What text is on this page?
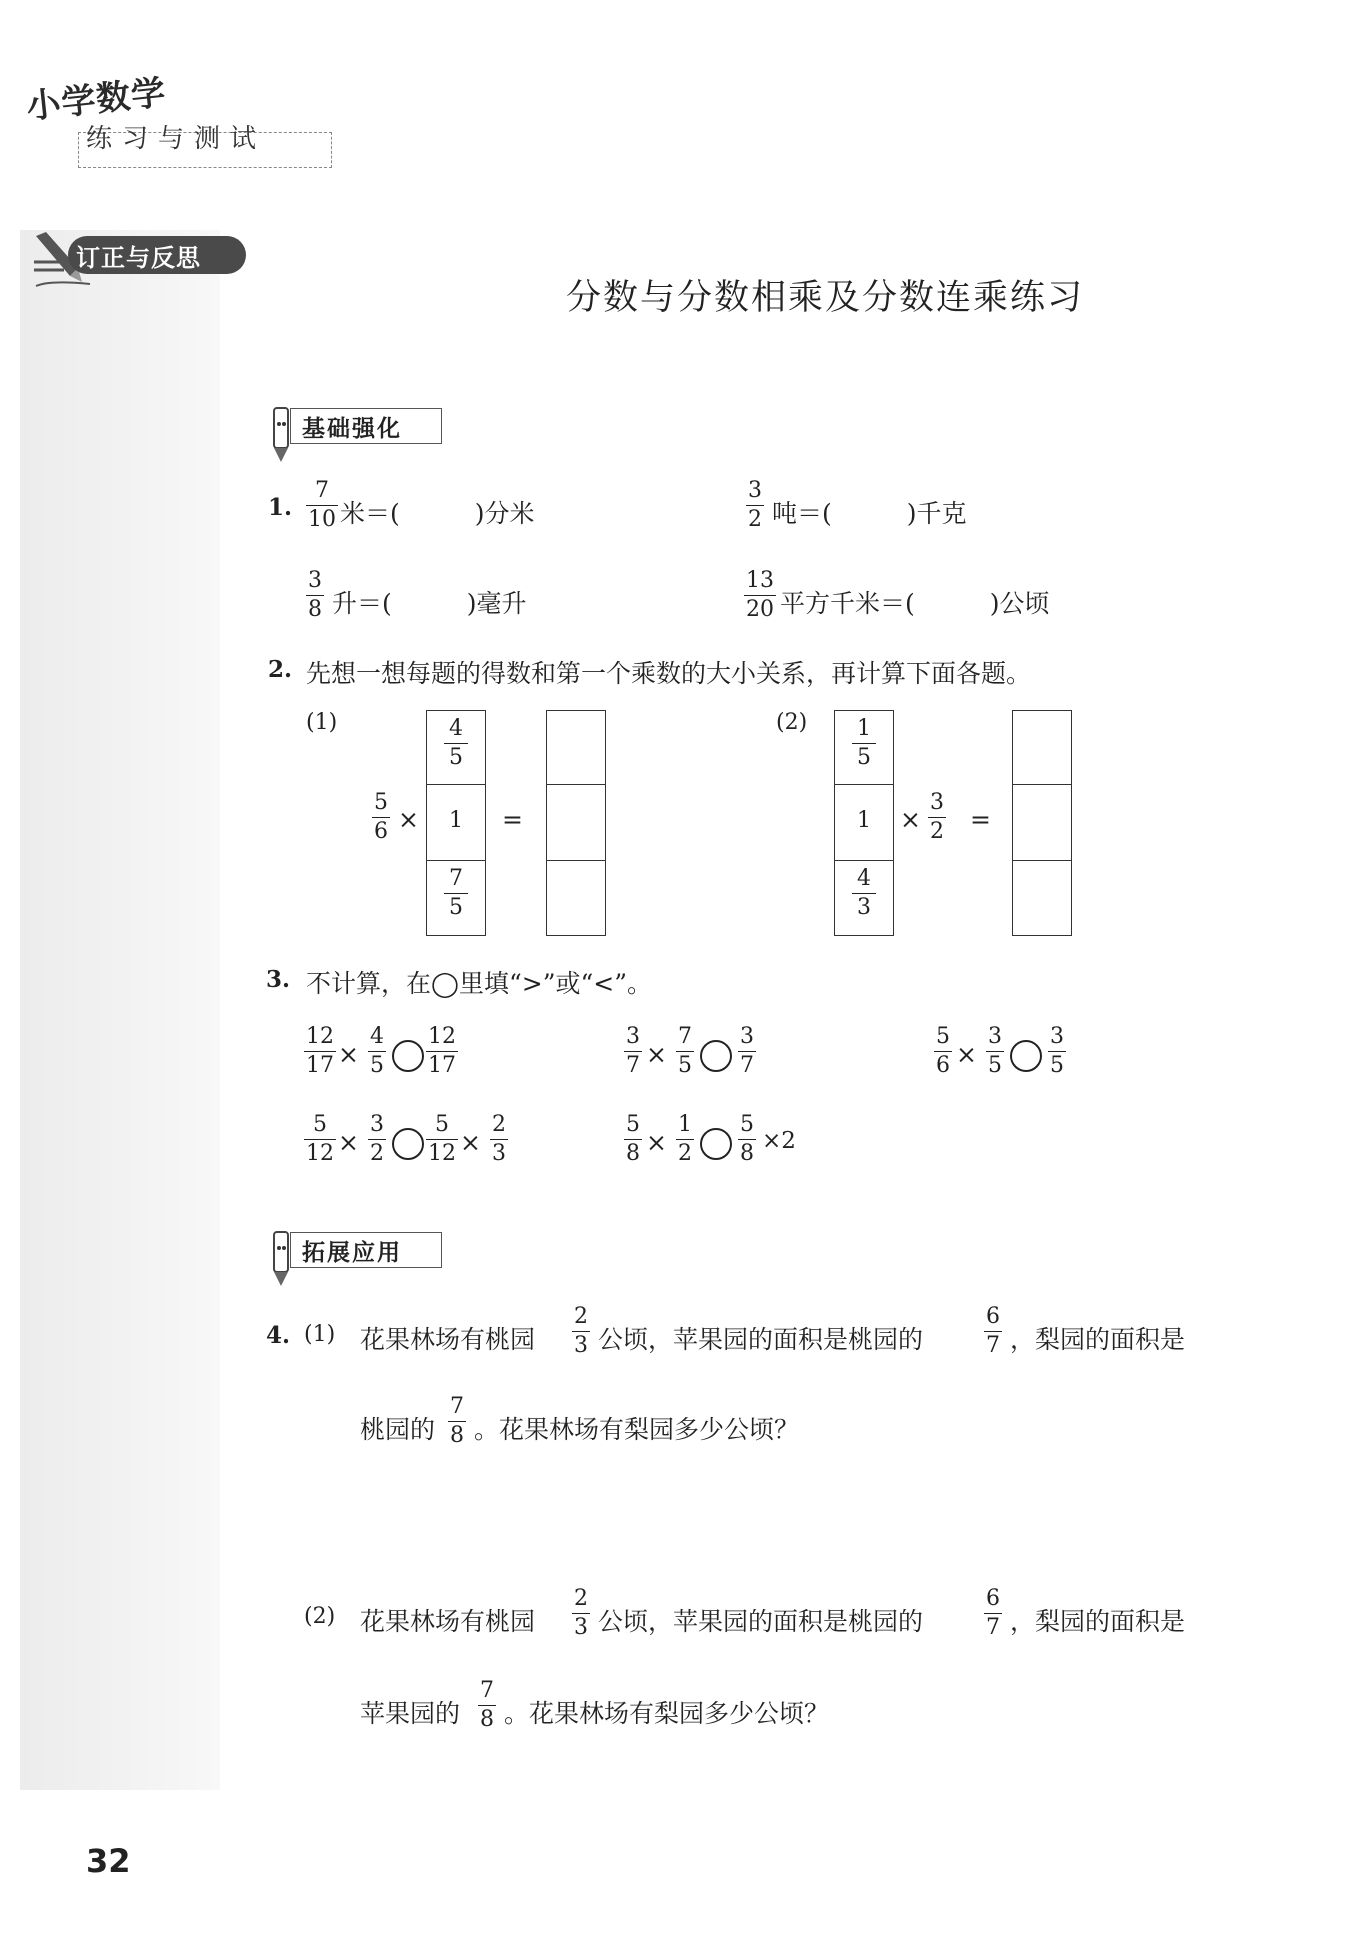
小学数学
练习与测试
订正与反思
分数与分数相乘及分数连乘练习
基础强化
1.
7
10 米＝(　　　)分米
3
2 吨＝(　　　)千克
3
8 升＝(　　　)毫升
13
20 平方千米＝(　　　)公顷
2. 先想一想每题的得数和第一个乘数的大小关系，再计算下面各题。
(1)
5
6 ×
4
5
1
7
5
=
(2) 1
5
1
4
3
×
3
2 =
3. 不计算，在◯里填“>”或“<”。
12
17 ×
4
5
12
17
3
7 ×
7
5
3
7
5
6 ×
3
5
3
5
5
12 ×
3
2
5
12 ×
2
3
5
8 ×
1
2
5
8 ×2
拓展应用
4. (1) 花果林场有桃园
2
3 公顷，苹果园的面积是桃园的
6
7 ，梨园的面积是
桃园的
7
8 。花果林场有梨园多少公顷？
(2) 花果林场有桃园
2
3 公顷，苹果园的面积是桃园的
6
7 ，梨园的面积是
苹果园的
7
8 。花果林场有梨园多少公顷？
32
